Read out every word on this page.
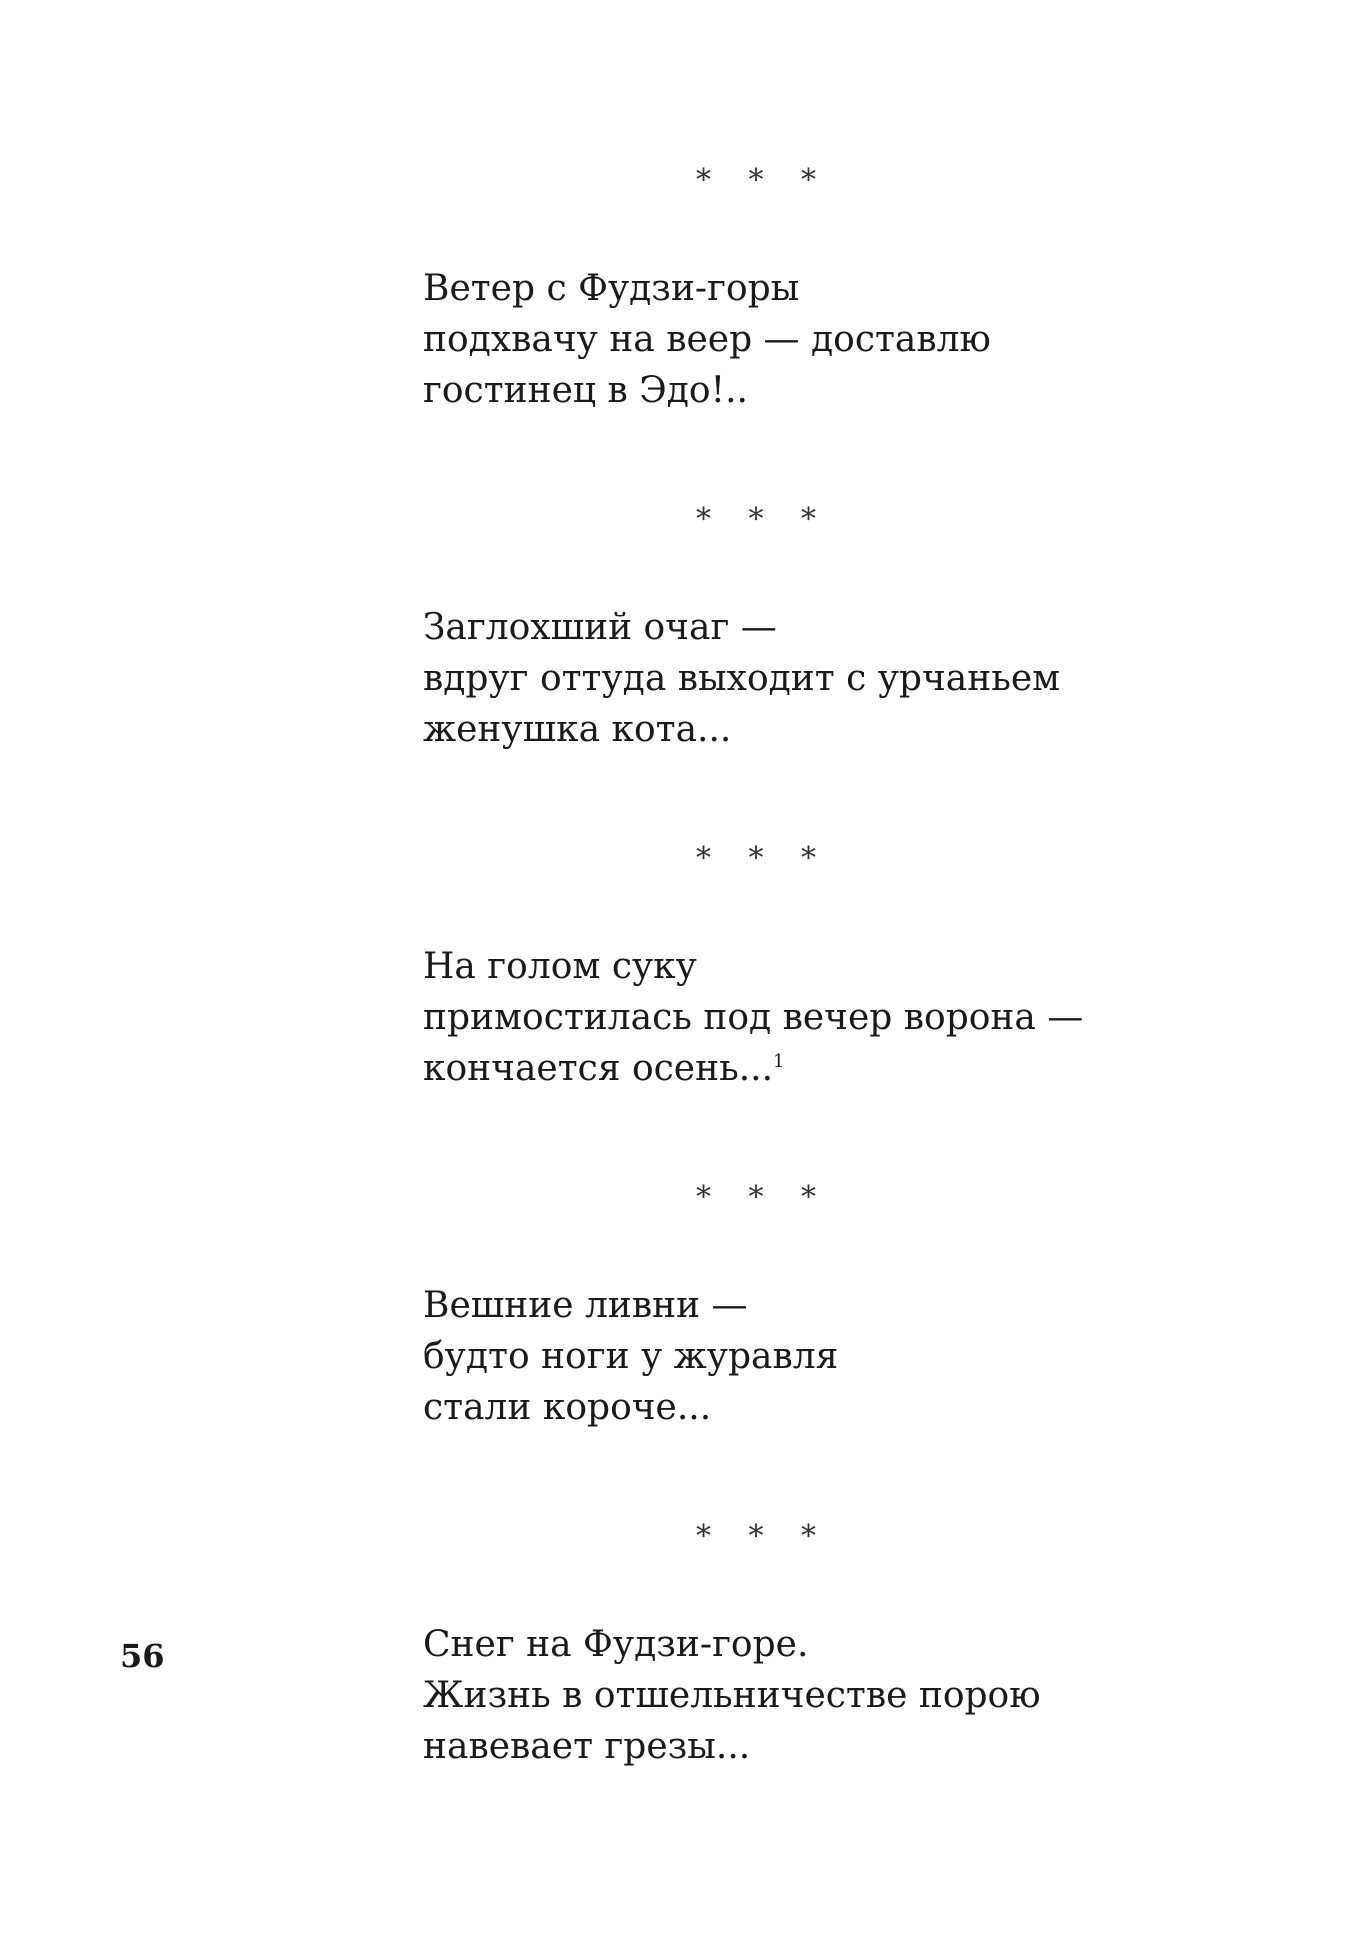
* * *
Ветер с Фудзи-горы
подхвачу на веер — доставлю
гостинец в Эдо!..
* * *
Заглохший очаг —
вдруг оттуда выходит с урчаньем
женушка кота...
* * *
На голом суку
примостилась под вечер ворона —
кончается осень...$^1$
* * *
Вешние ливни —
будто ноги у журавля
стали короче...
* * *
Снег на Фудзи-горе.
Жизнь в отшельничестве порою
навевает грезы...
56
